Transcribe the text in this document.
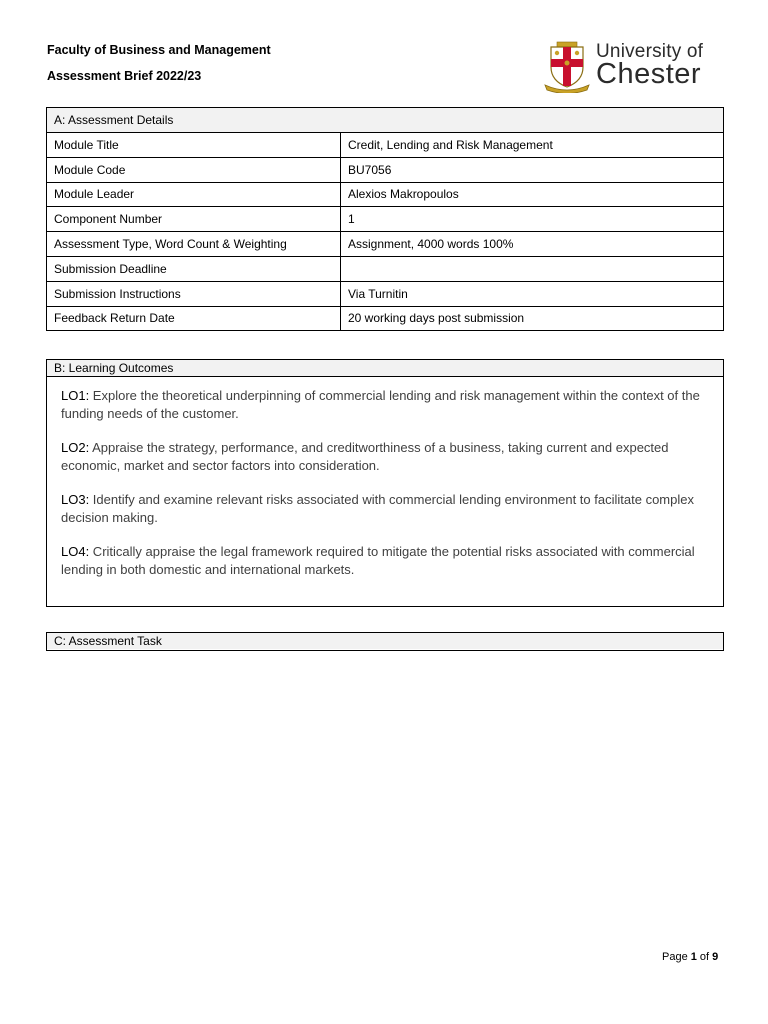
Faculty of Business and Management
Assessment Brief 2022/23
University of
Chester
A: Assessment Details	
Module Title	Credit, Lending and Risk Management
Module Code	BU7056
Module Leader	Alexios Makropoulos
Component Number	1
Assessment Type, Word Count & Weighting	Assignment, 4000 words 100%
Submission Deadline	
Submission Instructions	Via Turnitin
Feedback Return Date	20 working days post submission
B: Learning Outcomes
LO1: Explore the theoretical underpinning of commercial lending and risk management within the context of the funding needs of the customer.
LO2: Appraise the strategy, performance, and creditworthiness of a business, taking current and expected economic, market and sector factors into consideration.
LO3: Identify and examine relevant risks associated with commercial lending environment to facilitate complex decision making.
LO4: Critically appraise the legal framework required to mitigate the potential risks associated with commercial lending in both domestic and international markets.
C: Assessment Task
Page 1 of 9
